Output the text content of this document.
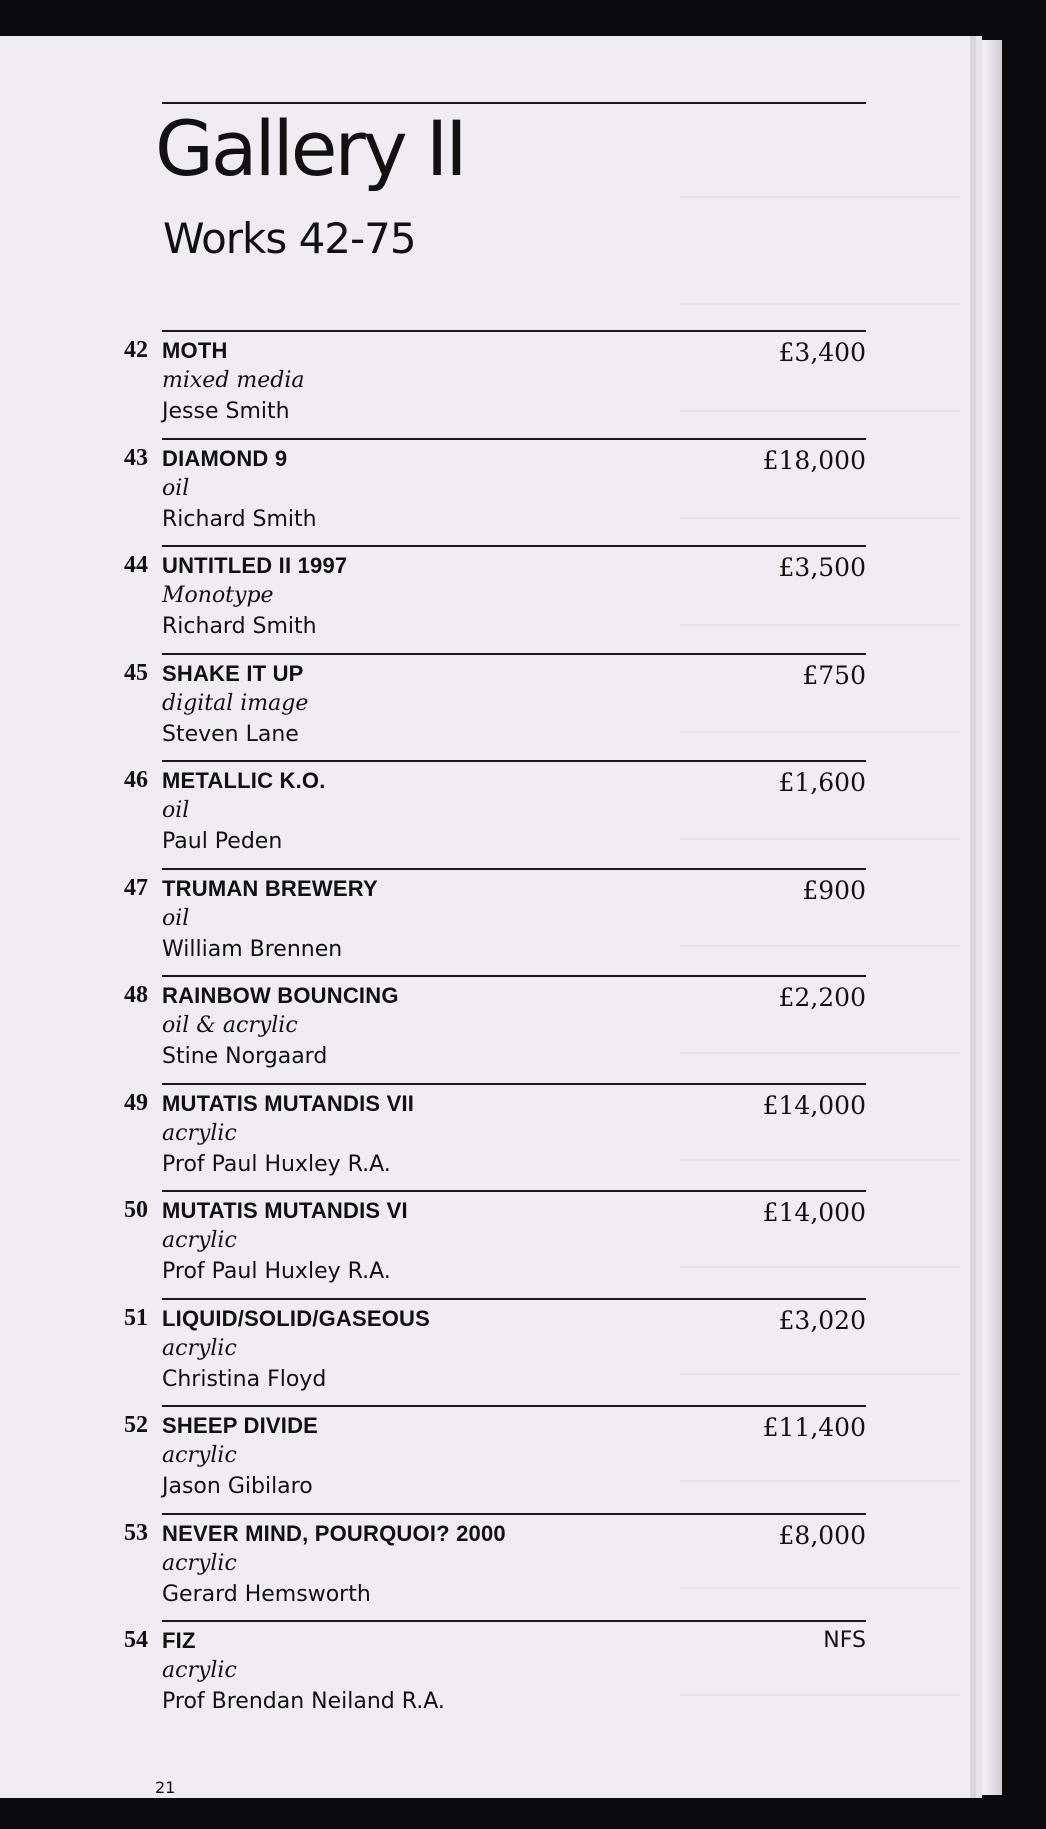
Gallery II
Works 42-75
42 MOTH
mixed media
Jesse Smith
£3,400
43 DIAMOND 9
oil
Richard Smith
£18,000
44 UNTITLED II 1997
Monotype
Richard Smith
£3,500
45 SHAKE IT UP
digital image
Steven Lane
£750
46 METALLIC K.O.
oil
Paul Peden
£1,600
47 TRUMAN BREWERY
oil
William Brennen
£900
48 RAINBOW BOUNCING
oil & acrylic
Stine Norgaard
£2,200
49 MUTATIS MUTANDIS VII
acrylic
Prof Paul Huxley R.A.
£14,000
50 MUTATIS MUTANDIS VI
acrylic
Prof Paul Huxley R.A.
£14,000
51 LIQUID/SOLID/GASEOUS
acrylic
Christina Floyd
£3,020
52 SHEEP DIVIDE
acrylic
Jason Gibilaro
£11,400
53 NEVER MIND, POURQUOI? 2000
acrylic
Gerard Hemsworth
£8,000
54 FIZ
acrylic
Prof Brendan Neiland R.A.
NFS
21
